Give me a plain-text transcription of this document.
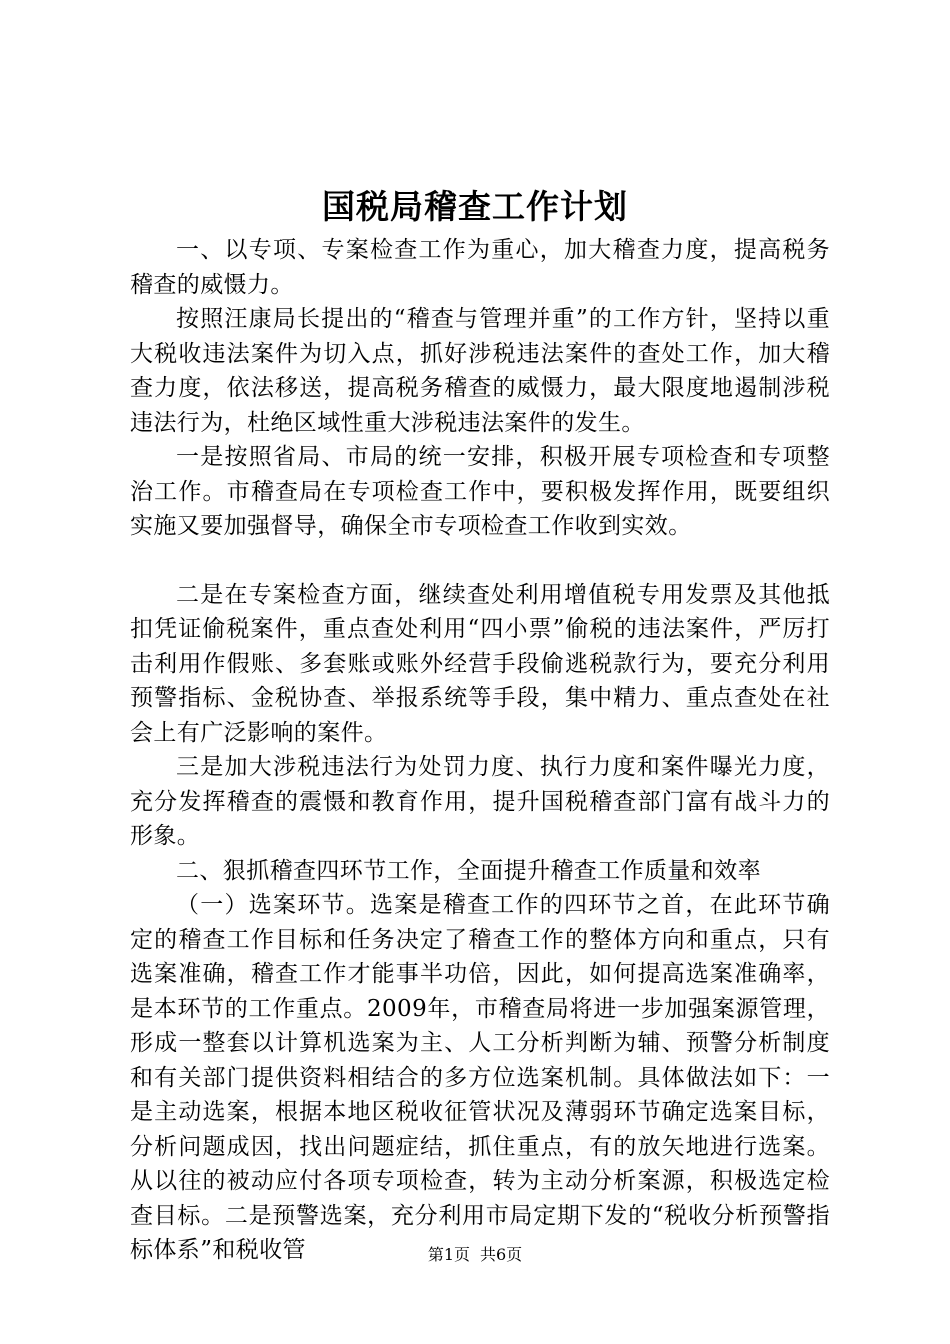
国税局稽查工作计划

一、以专项、专案检查工作为重心，加大稽查力度，提高税务稽查的威慑力。

按照汪康局长提出的“稽查与管理并重”的工作方针，坚持以重大税收违法案件为切入点，抓好涉税违法案件的查处工作，加大稽查力度，依法移送，提高税务稽查的威慑力，最大限度地遏制涉税违法行为，杜绝区域性重大涉税违法案件的发生。

一是按照省局、市局的统一安排，积极开展专项检查和专项整治工作。市稽查局在专项检查工作中，要积极发挥作用，既要组织实施又要加强督导，确保全市专项检查工作收到实效。

二是在专案检查方面，继续查处利用增值税专用发票及其他抵扣凭证偷税案件，重点查处利用“四小票”偷税的违法案件，严厉打击利用作假账、多套账或账外经营手段偷逃税款行为，要充分利用预警指标、金税协查、举报系统等手段，集中精力、重点查处在社会上有广泛影响的案件。

三是加大涉税违法行为处罚力度、执行力度和案件曝光力度，充分发挥稽查的震慑和教育作用，提升国税稽查部门富有战斗力的形象。

二、狠抓稽查四环节工作，全面提升稽查工作质量和效率

（一）选案环节。选案是稽查工作的四环节之首，在此环节确定的稽查工作目标和任务决定了稽查工作的整体方向和重点，只有选案准确，稽查工作才能事半功倍，因此，如何提高选案准确率，是本环节的工作重点。2009年，市稽查局将进一步加强案源管理，形成一整套以计算机选案为主、人工分析判断为辅、预警分析制度和有关部门提供资料相结合的多方位选案机制。具体做法如下：一是主动选案，根据本地区税收征管状况及薄弱环节确定选案目标，分析问题成因，找出问题症结，抓住重点，有的放矢地进行选案。从以往的被动应付各项专项检查，转为主动分析案源，积极选定检查目标。二是预警选案，充分利用市局定期下发的“税收分析预警指标体系”和税收管	第1页 共6页
